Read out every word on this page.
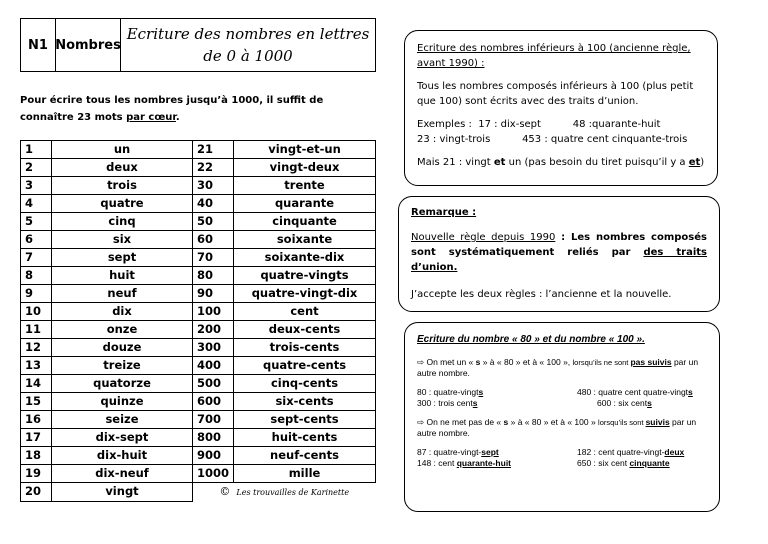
N1 Nombres
Ecriture des nombres en lettres
de 0 à 1000
Pour écrire tous les nombres jusqu’à 1000, il suffit de connaître 23 mots par cœur.
1	un	21	vingt-et-un
2	deux	22	vingt-deux
3	trois	30	trente
4	quatre	40	quarante
5	cinq	50	cinquante
6	six	60	soixante
7	sept	70	soixante-dix
8	huit	80	quatre-vingts
9	neuf	90	quatre-vingt-dix
10	dix	100	cent
11	onze	200	deux-cents
12	douze	300	trois-cents
13	treize	400	quatre-cents
14	quatorze	500	cinq-cents
15	quinze	600	six-cents
16	seize	700	sept-cents
17	dix-sept	800	huit-cents
18	dix-huit	900	neuf-cents
19	dix-neuf	1000	mille
20	vingt	© Les trouvailles de Karinette	
Ecriture des nombres inférieurs à 100 (ancienne règle, avant 1990) :

Tous les nombres composés inférieurs à 100 (plus petit que 100) sont écrits avec des traits d’union.

Exemples :  17 : dix-sept          48 :quarante-huit

23 : vingt-trois          453 : quatre cent cinquante-trois

Mais 21 : vingt et un (pas besoin du tiret puisqu’il y a et)

Remarque :

Nouvelle règle depuis 1990 : Les nombres composés sont systématiquement reliés par des traits d’union.

J’accepte les deux règles : l’ancienne et la nouvelle.

Ecriture du nombre « 80 » et du nombre « 100 ».

⇨ On met un « s » à « 80 » et à « 100 », lorsqu’ils ne sont pas suivis par un autre nombre.

80 : quatre-vingts	480 : quatre cent quatre-vingts

300 : trois cents	600 : six cents

⇨ On ne met pas de « s » à « 80 » et à « 100 » lorsqu’ils sont suivis par un autre nombre.

87 : quatre-vingt-sept	182 : cent quatre-vingt-deux

148 : cent quarante-huit	650 : six cent cinquante
